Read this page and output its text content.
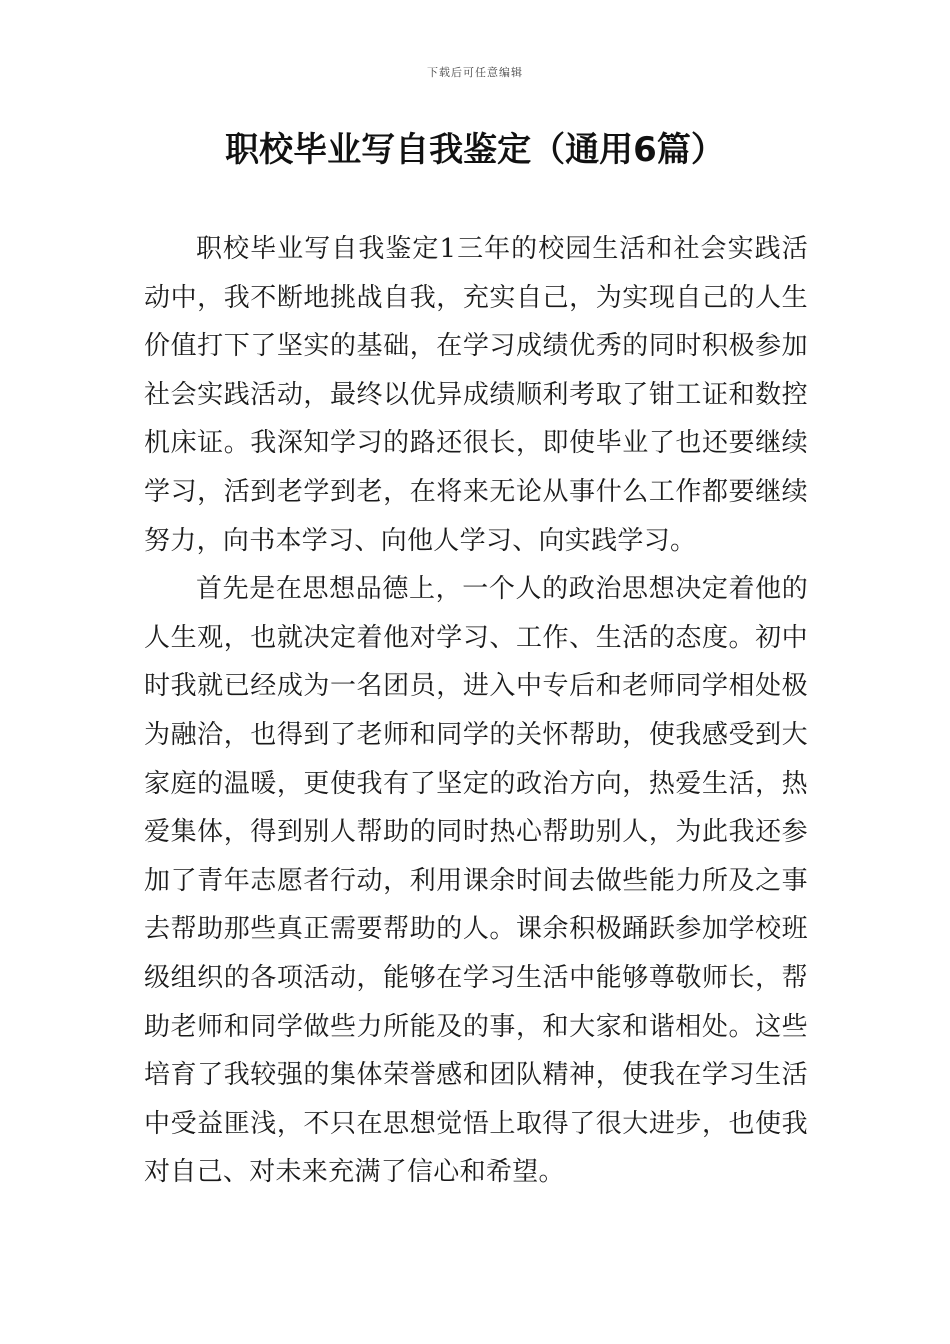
下载后可任意编辑
职校毕业写自我鉴定（通用6篇）

职校毕业写自我鉴定1三年的校园生活和社会实践活动中，我不断地挑战自我，充实自己，为实现自己的人生价值打下了坚实的基础，在学习成绩优秀的同时积极参加社会实践活动，最终以优异成绩顺利考取了钳工证和数控机床证。我深知学习的路还很长，即使毕业了也还要继续学习，活到老学到老，在将来无论从事什么工作都要继续努力，向书本学习、向他人学习、向实践学习。

首先是在思想品德上，一个人的政治思想决定着他的人生观，也就决定着他对学习、工作、生活的态度。初中时我就已经成为一名团员，进入中专后和老师同学相处极为融洽，也得到了老师和同学的关怀帮助，使我感受到大家庭的温暖，更使我有了坚定的政治方向，热爱生活，热爱集体，得到别人帮助的同时热心帮助别人，为此我还参加了青年志愿者行动，利用课余时间去做些能力所及之事去帮助那些真正需要帮助的人。课余积极踊跃参加学校班级组织的各项活动，能够在学习生活中能够尊敬师长，帮助老师和同学做些力所能及的事，和大家和谐相处。这些培育了我较强的集体荣誉感和团队精神，使我在学习生活中受益匪浅，不只在思想觉悟上取得了很大进步，也使我对自己、对未来充满了信心和希望。
